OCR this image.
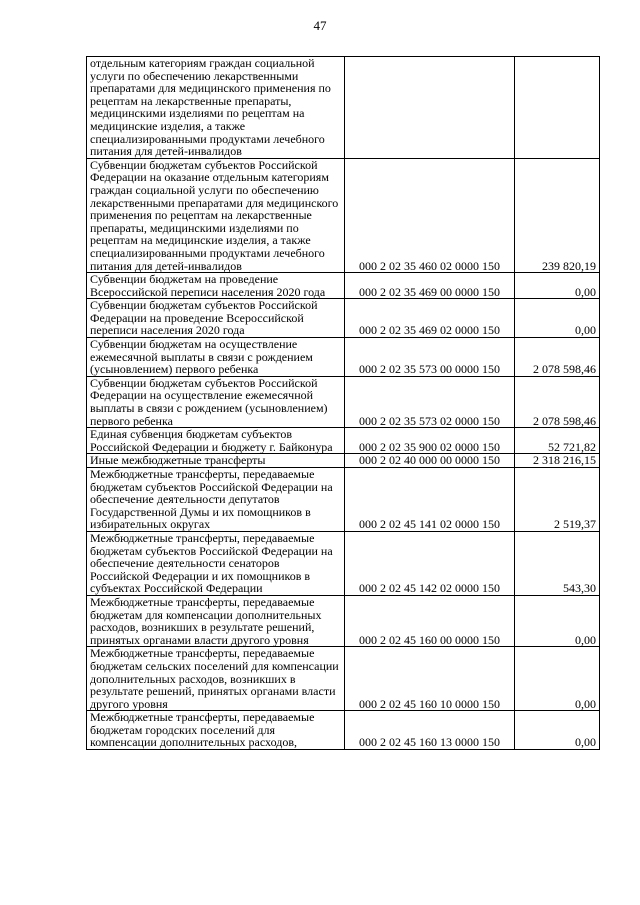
47
отдельным категориям граждан социальной услуги по обеспечению лекарственными препаратами для медицинского применения по рецептам на лекарственные препараты, медицинскими изделиями по рецептам на медицинские изделия, а также специализированными продуктами лечебного питания для детей-инвалидов		
Субвенции бюджетам субъектов Российской Федерации на оказание отдельным категориям граждан социальной услуги по обеспечению лекарственными препаратами для медицинского применения по рецептам на лекарственные препараты, медицинскими изделиями по рецептам на медицинские изделия, а также специализированными продуктами лечебного питания для детей-инвалидов	000 2 02 35 460 02 0000 150	239 820,19
Субвенции бюджетам на проведение Всероссийской переписи населения 2020 года	000 2 02 35 469 00 0000 150	0,00
Субвенции бюджетам субъектов Российской Федерации на проведение Всероссийской переписи населения 2020 года	000 2 02 35 469 02 0000 150	0,00
Субвенции бюджетам на осуществление ежемесячной выплаты в связи с рождением (усыновлением) первого ребенка	000 2 02 35 573 00 0000 150	2 078 598,46
Субвенции бюджетам субъектов Российской Федерации на осуществление ежемесячной выплаты в связи с рождением (усыновлением) первого ребенка	000 2 02 35 573 02 0000 150	2 078 598,46
Единая субвенция бюджетам субъектов Российской Федерации и бюджету г. Байконура	000 2 02 35 900 02 0000 150	52 721,82
Иные межбюджетные трансферты	000 2 02 40 000 00 0000 150	2 318 216,15
Межбюджетные трансферты, передаваемые бюджетам субъектов Российской Федерации на обеспечение деятельности депутатов Государственной Думы и их помощников в избирательных округах	000 2 02 45 141 02 0000 150	2 519,37
Межбюджетные трансферты, передаваемые бюджетам субъектов Российской Федерации на обеспечение деятельности сенаторов Российской Федерации и их помощников в субъектах Российской Федерации	000 2 02 45 142 02 0000 150	543,30
Межбюджетные трансферты, передаваемые бюджетам для компенсации дополнительных расходов, возникших в результате решений, принятых органами власти другого уровня	000 2 02 45 160 00 0000 150	0,00
Межбюджетные трансферты, передаваемые бюджетам сельских поселений для компенсации дополнительных расходов, возникших в результате решений, принятых органами власти другого уровня	000 2 02 45 160 10 0000 150	0,00
Межбюджетные трансферты, передаваемые бюджетам городских поселений для компенсации дополнительных расходов,	000 2 02 45 160 13 0000 150	0,00
